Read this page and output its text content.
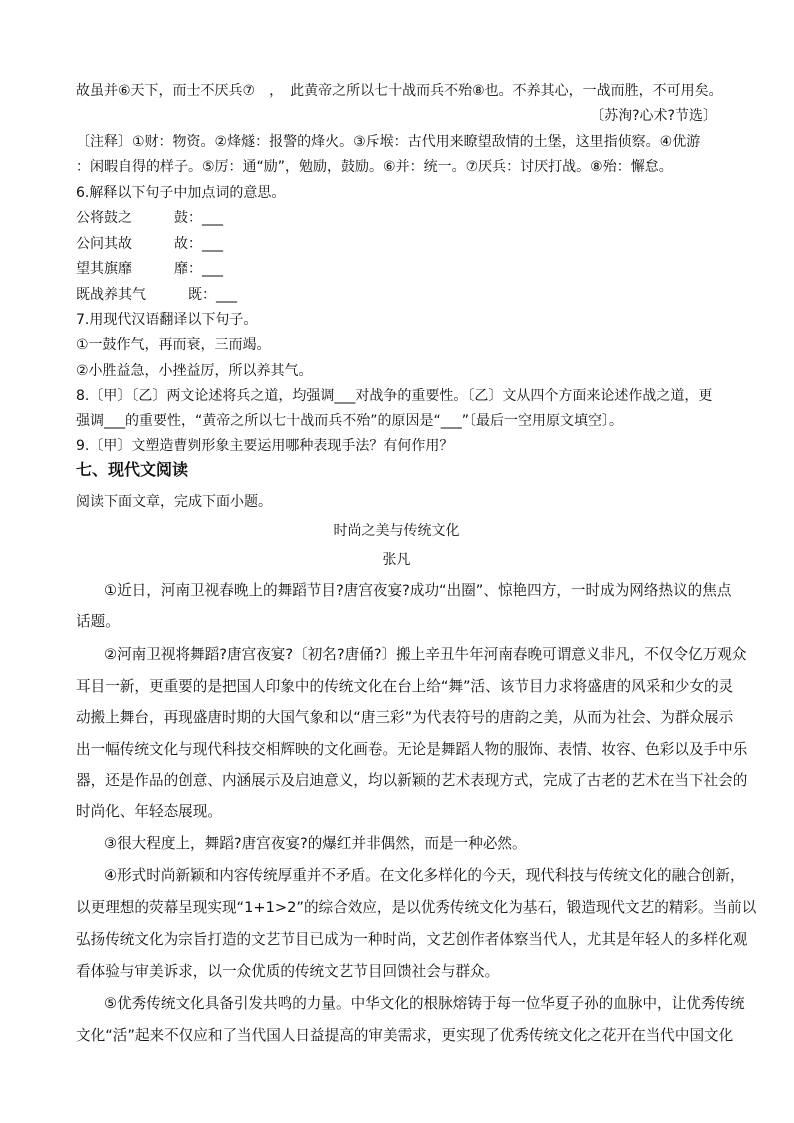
故虽并⑥天下，而士不厌兵⑦　，　此黄帝之所以七十战而兵不殆⑧也。不养其心，一战而胜，不可用矣。
〔苏洵?心术?节选〕
〔注释〕①财：物资。②烽燧：报警的烽火。③斥堠：古代用来瞭望敌情的土堡，这里指侦察。④优游
：闲暇自得的样子。⑤厉：通“励”，勉励，鼓励。⑥并：统一。⑦厌兵：讨厌打战。⑧殆：懈怠。
6.解释以下句子中加点词的意思。
公将鼓之　　　鼓：___
公问其故　　　故：___
望其旗靡　　　靡：___
既战养其气　　　既：___
7.用现代汉语翻译以下句子。
①一鼓作气，再而衰，三而竭。
②小胜益急，小挫益厉，所以养其气。
8.〔甲〕〔乙〕两文论述将兵之道，均强调___对战争的重要性。〔乙〕文从四个方面来论述作战之道，更
强调___的重要性，“黄帝之所以七十战而兵不殆”的原因是“___”〔最后一空用原文填空〕。
9.〔甲〕文塑造曹刿形象主要运用哪种表现手法？有何作用？
七、现代文阅读
阅读下面文章，完成下面小题。
时尚之美与传统文化
张凡
①近日，河南卫视春晚上的舞蹈节目?唐宫夜宴?成功“出圈”、惊艳四方，一时成为网络热议的焦点
话题。
②河南卫视将舞蹈?唐宫夜宴?〔初名?唐俑?〕搬上辛丑牛年河南春晚可谓意义非凡，不仅令亿万观众
耳目一新，更重要的是把国人印象中的传统文化在台上给“舞”活、该节目力求将盛唐的风采和少女的灵
动搬上舞台，再现盛唐时期的大国气象和以“唐三彩”为代表符号的唐韵之美，从而为社会、为群众展示
出一幅传统文化与现代科技交相辉映的文化画卷。无论是舞蹈人物的服饰、表情、妆容、色彩以及手中乐
器，还是作品的创意、内涵展示及启迪意义，均以新颖的艺术表现方式，完成了古老的艺术在当下社会的
时尚化、年轻态展现。
③很大程度上，舞蹈?唐宫夜宴?的爆红并非偶然，而是一种必然。
④形式时尚新颖和内容传统厚重并不矛盾。在文化多样化的今天，现代科技与传统文化的融合创新，
以更理想的荧幕呈现实现“1+1>2”的综合效应，是以优秀传统文化为基石，锻造现代文艺的精彩。当前以
弘扬传统文化为宗旨打造的文艺节目已成为一种时尚，文艺创作者体察当代人，尤其是年轻人的多样化观
看体验与审美诉求，以一众优质的传统文艺节目回馈社会与群众。
⑤优秀传统文化具备引发共鸣的力量。中华文化的根脉熔铸于每一位华夏子孙的血脉中，让优秀传统
文化“活”起来不仅应和了当代国人日益提高的审美需求，更实现了优秀传统文化之花开在当代中国文化
